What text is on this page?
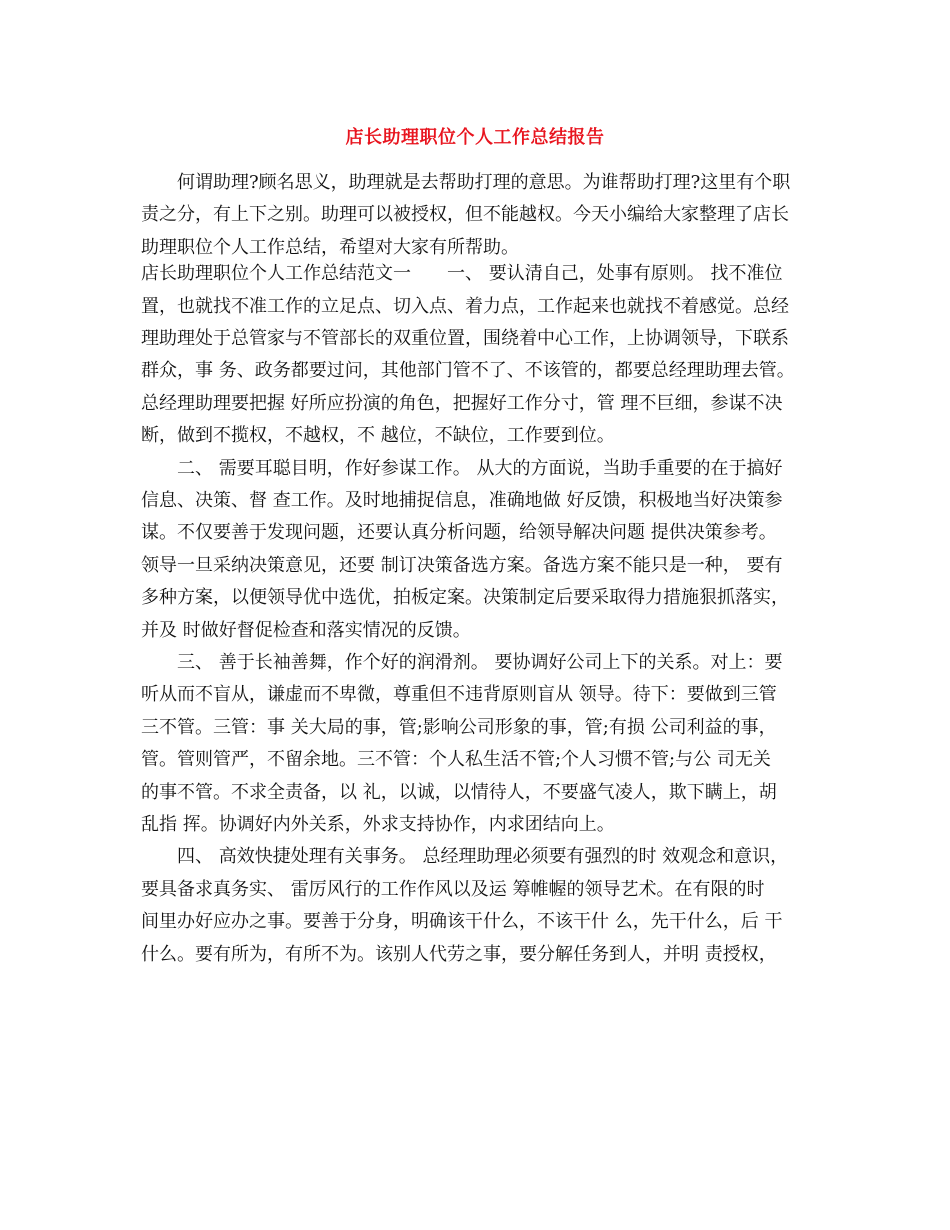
店长助理职位个人工作总结报告
　　何谓助理?顾名思义，助理就是去帮助打理的意思。为谁帮助打理?这里有个职
责之分，有上下之别。助理可以被授权，但不能越权。今天小编给大家整理了店长
助理职位个人工作总结，希望对大家有所帮助。
店长助理职位个人工作总结范文一　　一、 要认清自己，处事有原则。 找不准位
置，也就找不准工作的立足点、切入点、着力点，工作起来也就找不着感觉。总经
理助理处于总管家与不管部长的双重位置，围绕着中心工作，上协调领导，下联系
群众，事 务、政务都要过问，其他部门管不了、不该管的，都要总经理助理去管。
总经理助理要把握 好所应扮演的角色，把握好工作分寸，管 理不巨细，参谋不决
断，做到不揽权，不越权，不 越位，不缺位，工作要到位。
　　二、 需要耳聪目明，作好参谋工作。 从大的方面说，当助手重要的在于搞好
信息、决策、督 查工作。及时地捕捉信息，准确地做 好反馈，积极地当好决策参
谋。不仅要善于发现问题，还要认真分析问题，给领导解决问题 提供决策参考。
领导一旦采纳决策意见，还要 制订决策备选方案。备选方案不能只是一种， 要有
多种方案，以便领导优中选优，拍板定案。决策制定后要采取得力措施狠抓落实，
并及 时做好督促检查和落实情况的反馈。
　　三、 善于长袖善舞，作个好的润滑剂。 要协调好公司上下的关系。对上：要
听从而不盲从，谦虚而不卑微，尊重但不违背原则盲从 领导。待下：要做到三管
三不管。三管：事 关大局的事，管;影响公司形象的事，管;有损 公司利益的事，
管。管则管严，不留余地。三不管：个人私生活不管;个人习惯不管;与公 司无关
的事不管。不求全责备，以 礼，以诚，以情待人，不要盛气凌人，欺下瞒上，胡
乱指 挥。协调好内外关系，外求支持协作，内求团结向上。
　　四、 高效快捷处理有关事务。 总经理助理必须要有强烈的时 效观念和意识，
要具备求真务实、 雷厉风行的工作作风以及运 筹帷幄的领导艺术。在有限的时
间里办好应办之事。要善于分身，明确该干什么，不该干什 么，先干什么，后 干
什么。要有所为，有所不为。该别人代劳之事，要分解任务到人，并明 责授权，
